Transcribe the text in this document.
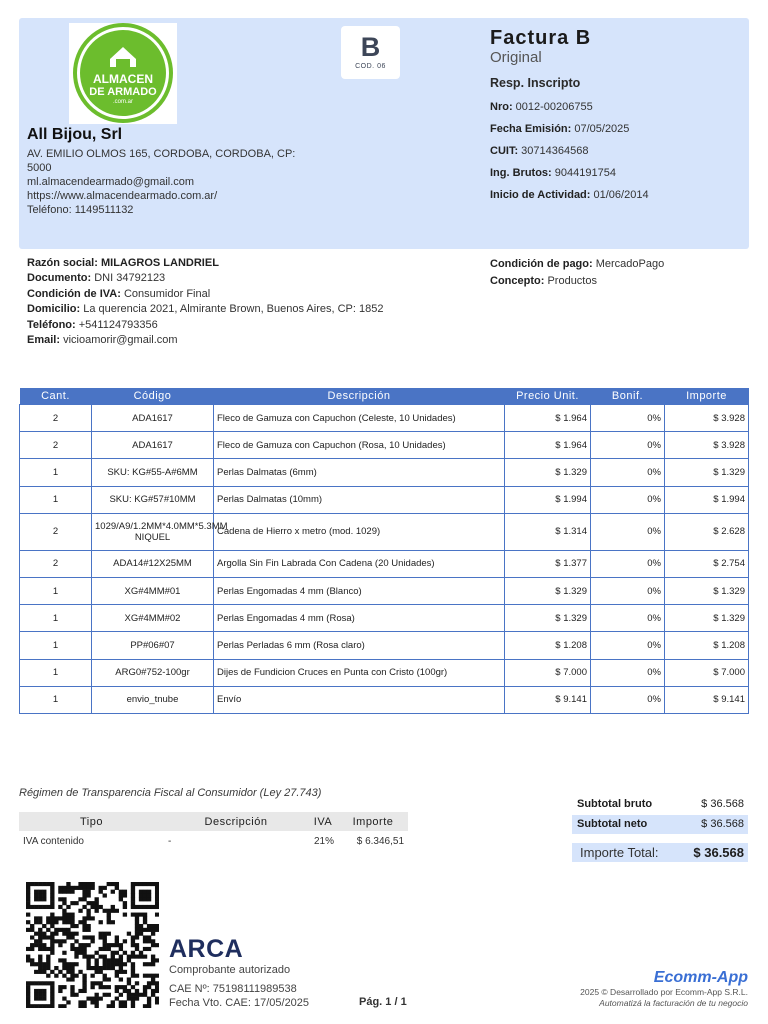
ALMACEN
DE ARMADO
.com.ar
B
COD. 06
All Bijou, Srl
AV. EMILIO OLMOS 165, CORDOBA, CORDOBA, CP:
5000
ml.almacendearmado@gmail.com
https://www.almacendearmado.com.ar/
Teléfono: 1149511132
Factura B
Original
Resp. Inscripto
Nro: 0012-00206755
Fecha Emisión: 07/05/2025
CUIT: 30714364568
Ing. Brutos: 9044191754
Inicio de Actividad: 01/06/2014
Razón social: MILAGROS LANDRIEL
Documento: DNI 34792123
Condición de IVA: Consumidor Final
Domicilio: La querencia 2021, Almirante Brown, Buenos Aires, CP: 1852
Teléfono: +541124793356
Email: vicioamorir@gmail.com
Condición de pago: MercadoPago
Concepto: Productos
Cant.	Código	Descripción	Precio Unit.	Bonif.	Importe
2	ADA1617	Fleco de Gamuza con Capuchon (Celeste, 10 Unidades)	$ 1.964	0%	$ 3.928
2	ADA1617	Fleco de Gamuza con Capuchon (Rosa, 10 Unidades)	$ 1.964	0%	$ 3.928
1	SKU: KG#55-A#6MM	Perlas Dalmatas (6mm)	$ 1.329	0%	$ 1.329
1	SKU: KG#57#10MM	Perlas Dalmatas (10mm)	$ 1.994	0%	$ 1.994
2	1029/A9/1.2MM*4.0MM*5.3MM NIQUEL	Cadena de Hierro x metro (mod. 1029)	$ 1.314	0%	$ 2.628
2	ADA14#12X25MM	Argolla Sin Fin Labrada Con Cadena (20 Unidades)	$ 1.377	0%	$ 2.754
1	XG#4MM#01	Perlas Engomadas 4 mm (Blanco)	$ 1.329	0%	$ 1.329
1	XG#4MM#02	Perlas Engomadas 4 mm (Rosa)	$ 1.329	0%	$ 1.329
1	PP#06#07	Perlas Perladas 6 mm (Rosa claro)	$ 1.208	0%	$ 1.208
1	ARG0#752-100gr	Dijes de Fundicion Cruces en Punta con Cristo (100gr)	$ 7.000	0%	$ 7.000
1	envio_tnube	Envío	$ 9.141	0%	$ 9.141
Régimen de Transparencia Fiscal al Consumidor (Ley 27.743)
Tipo	Descripción	IVA	Importe
IVA contenido	-	21%	$ 6.346,51
Subtotal bruto	$ 36.568
Subtotal neto	$ 36.568
Importe Total:	$ 36.568
ARCA
Comprobante autorizado
CAE Nº: 75198111989538
Fecha Vto. CAE: 17/05/2025	Pág. 1 / 1
Ecomm-App
2025 © Desarrollado por Ecomm-App S.R.L.
Automatizá la facturación de tu negocio
